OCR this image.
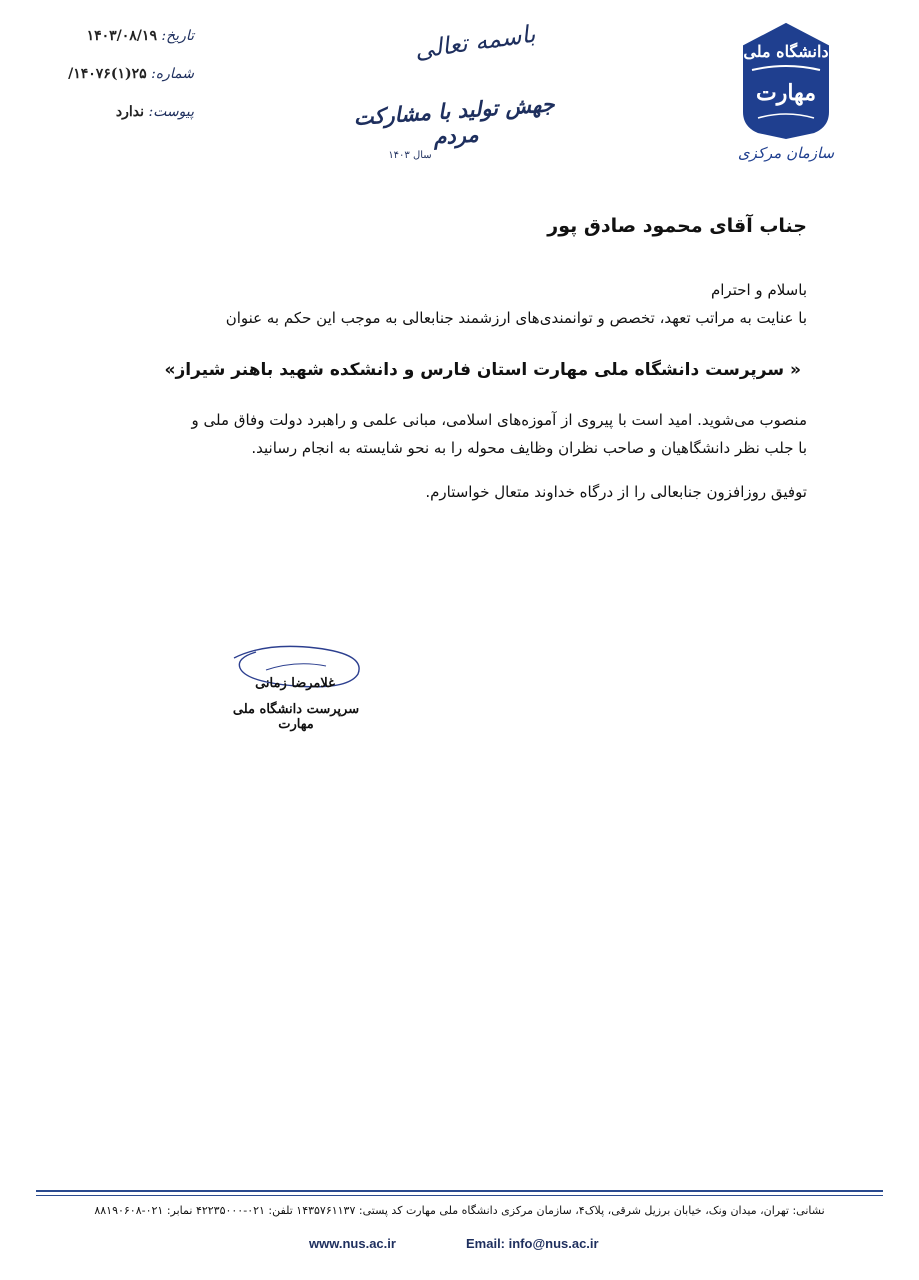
دانشگاه ملی
مهارت
سازمان مرکزی
باسمه تعالی
جهش تولید با مشارکت مردم
سال ۱۴۰۳
تاریخ: ۱۴۰۳/۰۸/۱۹
شماره: ۲۵(۱)۱۴۰۷۶/
پیوست: ندارد
جناب آقای محمود صادق پور

باسلام و احترام

با عنایت به مراتب تعهد، تخصص و توانمندی‌های ارزشمند جنابعالی به موجب این حکم به عنوان

« سرپرست دانشگاه ملی مهارت استان فارس و دانشکده شهید باهنر شیراز»

منصوب می‌شوید. امید است با پیروی از آموزه‌های اسلامی، مبانی علمی و راهبرد دولت وفاق ملی و

با جلب نظر دانشگاهیان و صاحب نظران وظایف محوله را به نحو شایسته به انجام رسانید.

توفیق روزافزون جنابعالی را از درگاه خداوند متعال خواستارم.

غلامرضا زمانی
سرپرست دانشگاه ملی مهارت
نشانی: تهران، میدان ونک، خیابان برزیل شرقی، پلاک۴، سازمان مرکزی دانشگاه ملی مهارت کد پستی: ۱۴۳۵۷۶۱۱۳۷ تلفن: ۰۲۱-۴۲۲۳۵۰۰۰ نمابر: ۰۲۱-۸۸۱۹۰۶۰۸
www.nus.ac.ir	Email: info@nus.ac.ir
